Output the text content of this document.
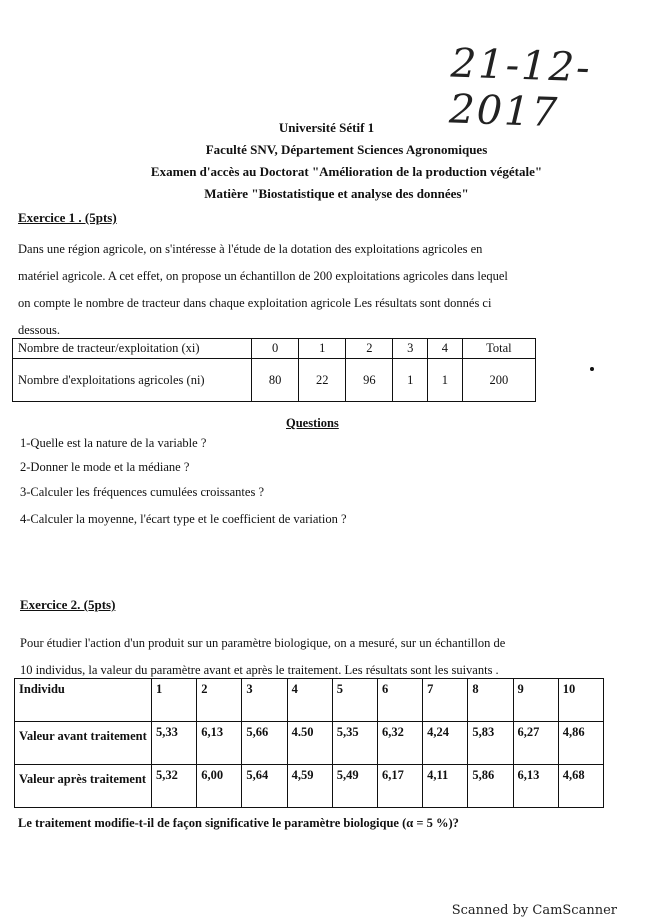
21-12-2017
Université Sétif 1
Faculté SNV, Département Sciences Agronomiques
Examen d'accès au Doctorat "Amélioration de la production végétale"
Matière "Biostatistique et analyse des données"
Exercice 1 . (5pts)
Dans une région agricole, on s'intéresse à l'étude de la dotation des exploitations agricoles en
matériel agricole. A cet effet, on propose un échantillon de 200 exploitations agricoles dans lequel
on compte le nombre de tracteur dans chaque exploitation agricole Les résultats sont donnés ci
dessous.
Nombre de tracteur/exploitation (xi)	0	1	2	3	4	Total
Nombre d'exploitations agricoles (ni)	80	22	96	1	1	200
Questions
1-Quelle est la nature de la variable ?
2-Donner le mode et la médiane ?
3-Calculer les fréquences cumulées croissantes ?
4-Calculer la moyenne, l'écart type et le coefficient de variation ?
Exercice 2. (5pts)
Pour étudier l'action d'un produit sur un paramètre biologique, on a mesuré, sur un échantillon de
10 individus, la valeur du paramètre avant et après le traitement. Les résultats sont les suivants .
Individu	1	2	3	4	5	6	7	8	9	10
Valeur avant traitement	5,33	6,13	5,66	4.50	5,35	6,32	4,24	5,83	6,27	4,86
Valeur après traitement	5,32	6,00	5,64	4,59	5,49	6,17	4,11	5,86	6,13	4,68
Le traitement modifie-t-il de façon significative le paramètre biologique (α = 5 %)?
Scanned by CamScanner
